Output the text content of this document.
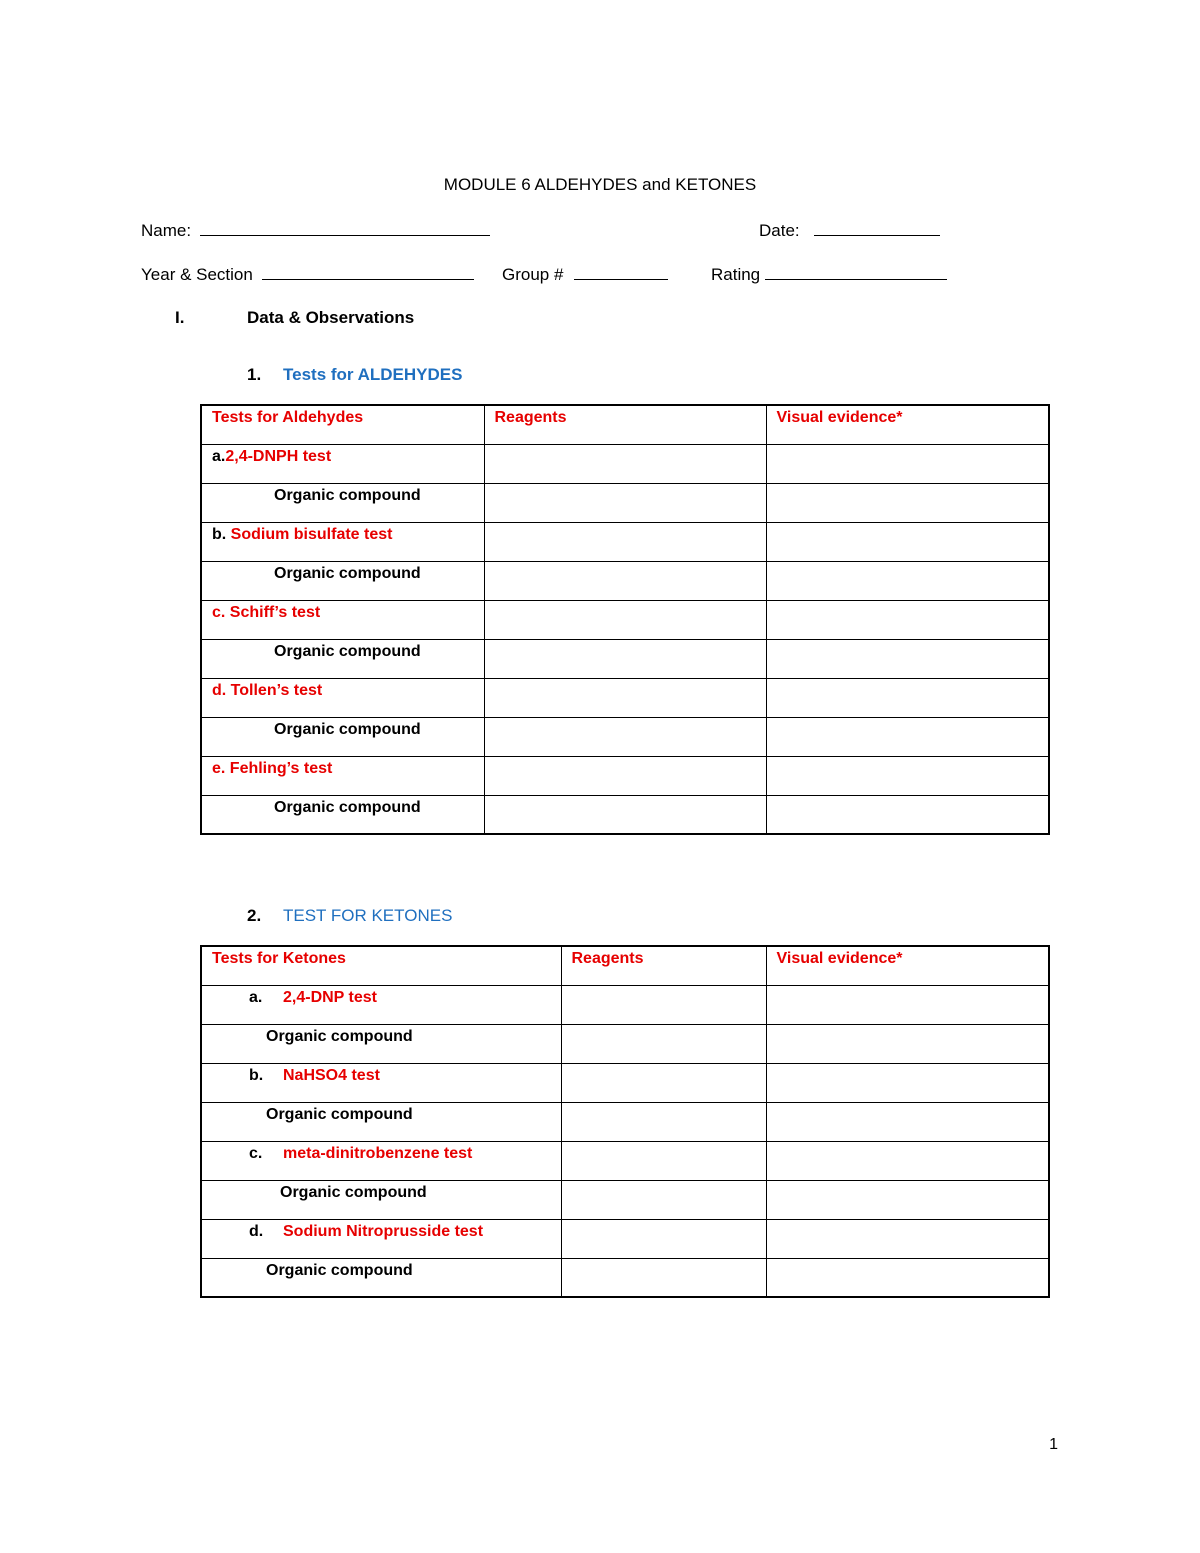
MODULE 6 ALDEHYDES and KETONES
Name:	Date:
Year & Section	Group #	Rating
I.	Data & Observations
1. Tests for ALDEHYDES
Tests for Aldehydes	Reagents	Visual evidence*

a.2,4-DNPH test		

Organic compound		

b. Sodium bisulfate test		

Organic compound		

c. Schiff’s test		

Organic compound		

d. Tollen’s test		

Organic compound		

e. Fehling’s test		

Organic compound		

2. TEST FOR KETONES
Tests for Ketones	Reagents	Visual evidence*

a. 2,4-DNP test		

Organic compound		

b. NaHSO4 test		

Organic compound		

c. meta-dinitrobenzene test		

Organic compound		

d. Sodium Nitroprusside test		

Organic compound		

1
